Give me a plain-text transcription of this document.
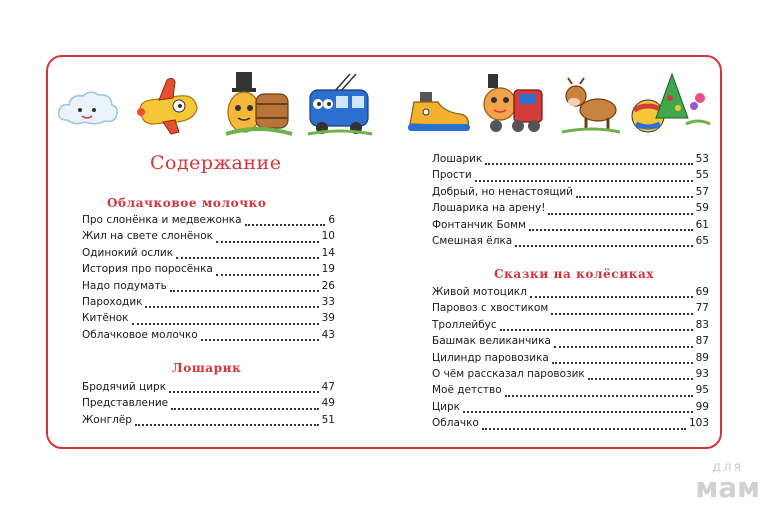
Содержание
Облачковое молочко
Про слонёнка и медвежонка	6
Жил на свете слонёнок	10
Одинокий ослик	14
История про поросёнка	19
Надо подумать	26
Пароходик	33
Китёнок	39
Облачковое молочко	43
Лошарик
Бродячий цирк	47
Представление	49
Жонглёр	51
Лошарик	53
Прости	55
Добрый, но ненастоящий	57
Лошарика на арену!	59
Фонтанчик Бомм	61
Смешная ёлка	65
Сказки на колёсиках
Живой мотоцикл	69
Паровоз с хвостиком	77
Троллейбус	83
Башмак великанчика	87
Цилиндр паровозика	89
О чём рассказал паровозик	93
Моё детство	95
Цирк	99
Облачко	103
для
мам
